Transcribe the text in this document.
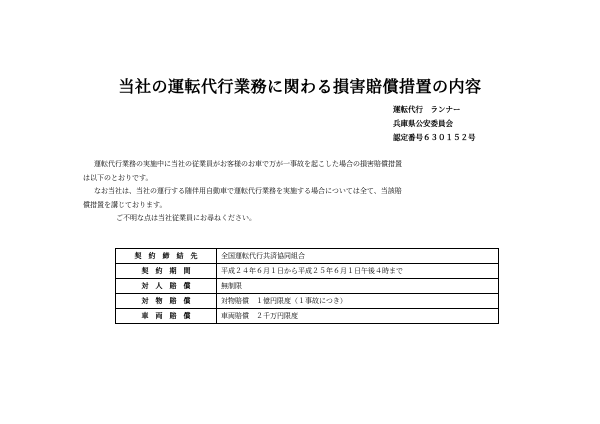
当社の運転代行業務に関わる損害賠償措置の内容
運転代行　ランナー
兵庫県公安委員会
認定番号６３０１５２号
運転代行業務の実施中に当社の従業員がお客様のお車で万が一事故を起こした場合の損害賠償措置
は以下のとおりです。
なお当社は、当社の運行する随伴用自動車で運転代行業務を実施する場合については全て、当該賠
償措置を講じております。
ご不明な点は当社従業員にお尋ねください。
契　約　締　結　先	全国運転代行共済協同組合
契　約　期　間	平成２４年６月１日から平成２５年６月１日午後４時まで
対　人　賠　償	無制限
対　物　賠　償	対物賠償　１億円限度（１事故につき）
車　両　賠　償	車両賠償　２千万円限度
